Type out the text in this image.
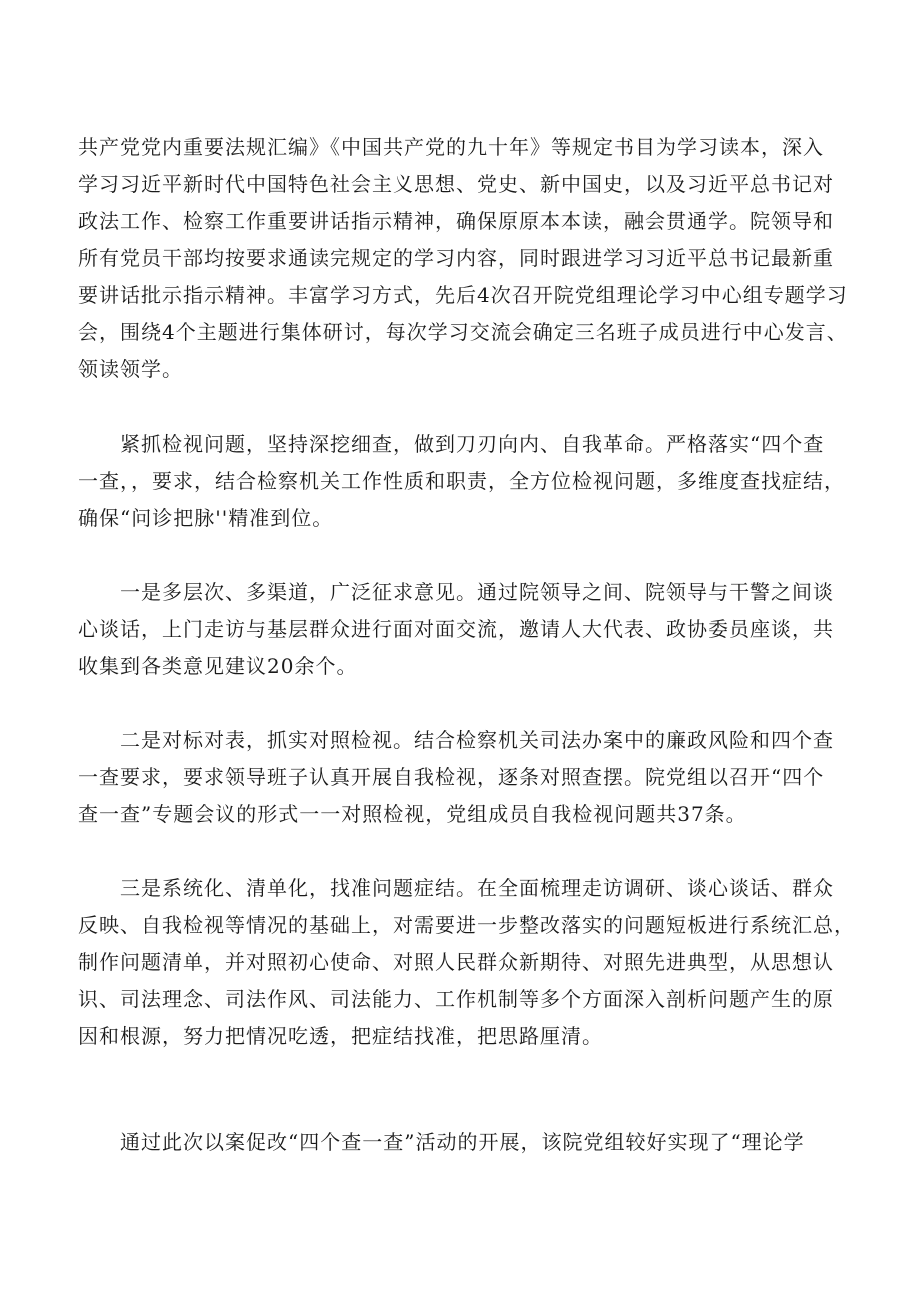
共产党党内重要法规汇编》《中国共产党的九十年》等规定书目为学习读本，深入
学习习近平新时代中国特色社会主义思想、党史、新中国史，以及习近平总书记对
政法工作、检察工作重要讲话指示精神，确保原原本本读，融会贯通学。院领导和
所有党员干部均按要求通读完规定的学习内容，同时跟进学习习近平总书记最新重
要讲话批示指示精神。丰富学习方式，先后4次召开院党组理论学习中心组专题学习
会，围绕4个主题进行集体研讨，每次学习交流会确定三名班子成员进行中心发言、
领读领学。
紧抓检视问题，坚持深挖细查，做到刀刃向内、自我革命。严格落实“四个查
一查，，要求，结合检察机关工作性质和职责，全方位检视问题，多维度查找症结，
确保“问诊把脉''精准到位。
一是多层次、多渠道，广泛征求意见。通过院领导之间、院领导与干警之间谈
心谈话，上门走访与基层群众进行面对面交流，邀请人大代表、政协委员座谈，共
收集到各类意见建议20余个。
二是对标对表，抓实对照检视。结合检察机关司法办案中的廉政风险和四个查
一查要求，要求领导班子认真开展自我检视，逐条对照查摆。院党组以召开“四个
查一查”专题会议的形式一一对照检视，党组成员自我检视问题共37条。
三是系统化、清单化，找准问题症结。在全面梳理走访调研、谈心谈话、群众
反映、自我检视等情况的基础上，对需要进一步整改落实的问题短板进行系统汇总，
制作问题清单，并对照初心使命、对照人民群众新期待、对照先进典型，从思想认
识、司法理念、司法作风、司法能力、工作机制等多个方面深入剖析问题产生的原
因和根源，努力把情况吃透，把症结找准，把思路厘清。
通过此次以案促改“四个查一查”活动的开展，该院党组较好实现了“理论学
